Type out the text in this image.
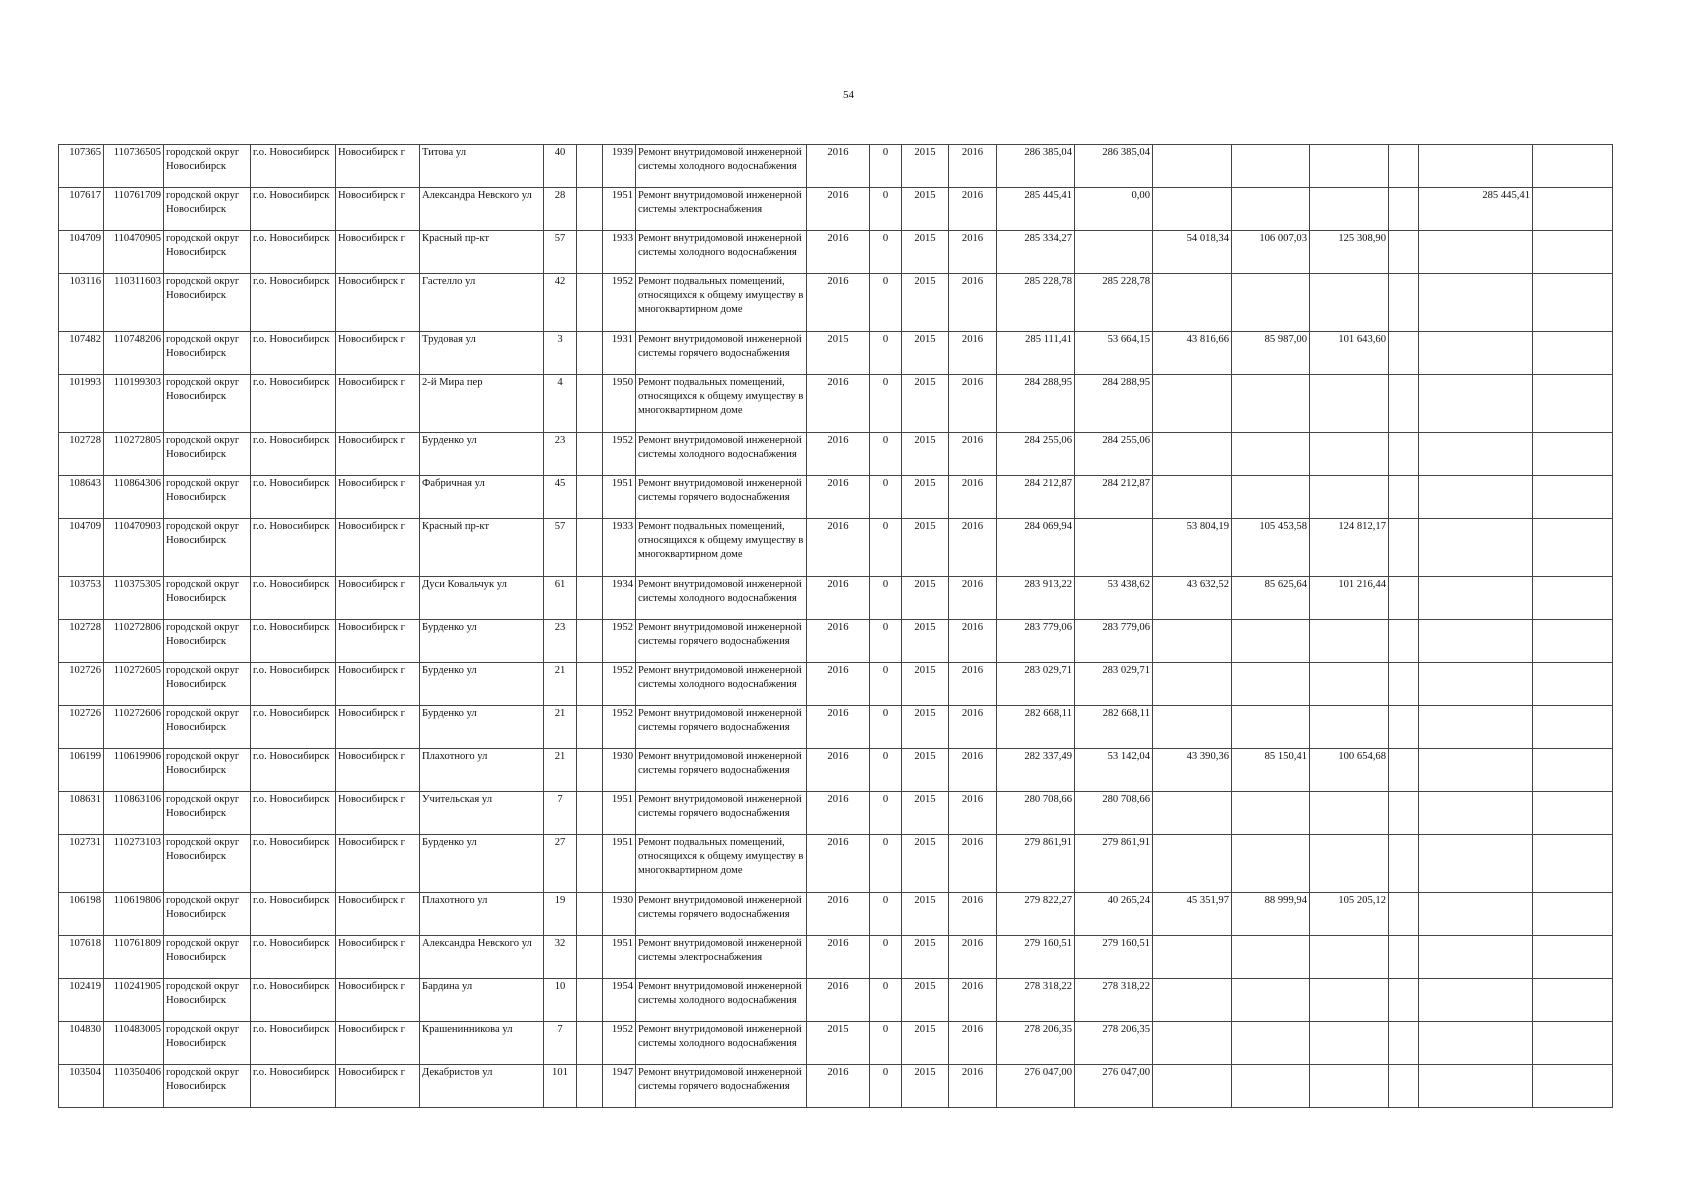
54
107365	110736505	городской округ Новосибирск	г.о. Новосибирск	Новосибирск г	Титова ул	40		1939	Ремонт внутридомовой инженерной системы холодного водоснабжения	2016	0	2015	2016	286 385,04	286 385,04						
107617	110761709	городской округ Новосибирск	г.о. Новосибирск	Новосибирск г	Александра Невского ул	28		1951	Ремонт внутридомовой инженерной системы электроснабжения	2016	0	2015	2016	285 445,41	0,00					285 445,41	
104709	110470905	городской округ Новосибирск	г.о. Новосибирск	Новосибирск г	Красный пр-кт	57		1933	Ремонт внутридомовой инженерной системы холодного водоснабжения	2016	0	2015	2016	285 334,27		54 018,34	106 007,03	125 308,90			
103116	110311603	городской округ Новосибирск	г.о. Новосибирск	Новосибирск г	Гастелло ул	42		1952	Ремонт подвальных помещений, относящихся к общему имуществу в многоквартирном доме	2016	0	2015	2016	285 228,78	285 228,78						
107482	110748206	городской округ Новосибирск	г.о. Новосибирск	Новосибирск г	Трудовая ул	3		1931	Ремонт внутридомовой инженерной системы горячего водоснабжения	2015	0	2015	2016	285 111,41	53 664,15	43 816,66	85 987,00	101 643,60			
101993	110199303	городской округ Новосибирск	г.о. Новосибирск	Новосибирск г	2-й Мира пер	4		1950	Ремонт подвальных помещений, относящихся к общему имуществу в многоквартирном доме	2016	0	2015	2016	284 288,95	284 288,95						
102728	110272805	городской округ Новосибирск	г.о. Новосибирск	Новосибирск г	Бурденко ул	23		1952	Ремонт внутридомовой инженерной системы холодного водоснабжения	2016	0	2015	2016	284 255,06	284 255,06						
108643	110864306	городской округ Новосибирск	г.о. Новосибирск	Новосибирск г	Фабричная ул	45		1951	Ремонт внутридомовой инженерной системы горячего водоснабжения	2016	0	2015	2016	284 212,87	284 212,87						
104709	110470903	городской округ Новосибирск	г.о. Новосибирск	Новосибирск г	Красный пр-кт	57		1933	Ремонт подвальных помещений, относящихся к общему имуществу в многоквартирном доме	2016	0	2015	2016	284 069,94		53 804,19	105 453,58	124 812,17			
103753	110375305	городской округ Новосибирск	г.о. Новосибирск	Новосибирск г	Дуси Ковальчук ул	61		1934	Ремонт внутридомовой инженерной системы холодного водоснабжения	2016	0	2015	2016	283 913,22	53 438,62	43 632,52	85 625,64	101 216,44			
102728	110272806	городской округ Новосибирск	г.о. Новосибирск	Новосибирск г	Бурденко ул	23		1952	Ремонт внутридомовой инженерной системы горячего водоснабжения	2016	0	2015	2016	283 779,06	283 779,06						
102726	110272605	городской округ Новосибирск	г.о. Новосибирск	Новосибирск г	Бурденко ул	21		1952	Ремонт внутридомовой инженерной системы холодного водоснабжения	2016	0	2015	2016	283 029,71	283 029,71						
102726	110272606	городской округ Новосибирск	г.о. Новосибирск	Новосибирск г	Бурденко ул	21		1952	Ремонт внутридомовой инженерной системы горячего водоснабжения	2016	0	2015	2016	282 668,11	282 668,11						
106199	110619906	городской округ Новосибирск	г.о. Новосибирск	Новосибирск г	Плахотного ул	21		1930	Ремонт внутридомовой инженерной системы горячего водоснабжения	2016	0	2015	2016	282 337,49	53 142,04	43 390,36	85 150,41	100 654,68			
108631	110863106	городской округ Новосибирск	г.о. Новосибирск	Новосибирск г	Учительская ул	7		1951	Ремонт внутридомовой инженерной системы горячего водоснабжения	2016	0	2015	2016	280 708,66	280 708,66						
102731	110273103	городской округ Новосибирск	г.о. Новосибирск	Новосибирск г	Бурденко ул	27		1951	Ремонт подвальных помещений, относящихся к общему имуществу в многоквартирном доме	2016	0	2015	2016	279 861,91	279 861,91						
106198	110619806	городской округ Новосибирск	г.о. Новосибирск	Новосибирск г	Плахотного ул	19		1930	Ремонт внутридомовой инженерной системы горячего водоснабжения	2016	0	2015	2016	279 822,27	40 265,24	45 351,97	88 999,94	105 205,12			
107618	110761809	городской округ Новосибирск	г.о. Новосибирск	Новосибирск г	Александра Невского ул	32		1951	Ремонт внутридомовой инженерной системы электроснабжения	2016	0	2015	2016	279 160,51	279 160,51						
102419	110241905	городской округ Новосибирск	г.о. Новосибирск	Новосибирск г	Бардина ул	10		1954	Ремонт внутридомовой инженерной системы холодного водоснабжения	2016	0	2015	2016	278 318,22	278 318,22						
104830	110483005	городской округ Новосибирск	г.о. Новосибирск	Новосибирск г	Крашенинникова ул	7		1952	Ремонт внутридомовой инженерной системы холодного водоснабжения	2015	0	2015	2016	278 206,35	278 206,35						
103504	110350406	городской округ Новосибирск	г.о. Новосибирск	Новосибирск г	Декабристов ул	101		1947	Ремонт внутридомовой инженерной системы горячего водоснабжения	2016	0	2015	2016	276 047,00	276 047,00						
